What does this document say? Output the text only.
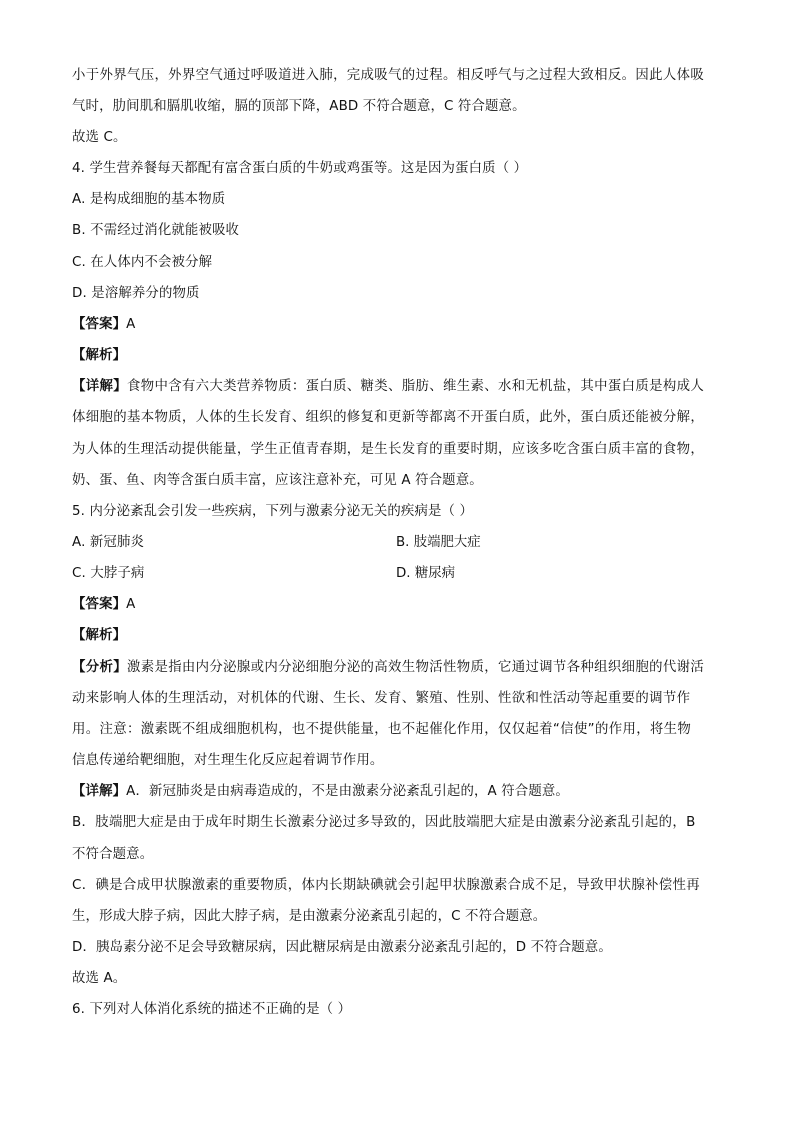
小于外界气压，外界空气通过呼吸道进入肺，完成吸气的过程。相反呼气与之过程大致相反。因此人体吸
气时，肋间肌和膈肌收缩，膈的顶部下降，ABD 不符合题意，C 符合题意。
故选 C。
4. 学生营养餐每天都配有富含蛋白质的牛奶或鸡蛋等。这是因为蛋白质（ ）
A. 是构成细胞的基本物质
B. 不需经过消化就能被吸收
C. 在人体内不会被分解
D. 是溶解养分的物质
【答案】A
【解析】
【详解】食物中含有六大类营养物质：蛋白质、糖类、脂肪、维生素、水和无机盐，其中蛋白质是构成人
体细胞的基本物质，人体的生长发育、组织的修复和更新等都离不开蛋白质，此外，蛋白质还能被分解，
为人体的生理活动提供能量，学生正值青春期，是生长发育的重要时期，应该多吃含蛋白质丰富的食物，
奶、蛋、鱼、肉等含蛋白质丰富，应该注意补充，可见 A 符合题意。
5. 内分泌紊乱会引发一些疾病，下列与激素分泌无关的疾病是（ ）
A. 新冠肺炎	B. 肢端肥大症
C. 大脖子病	D. 糖尿病
【答案】A
【解析】
【分析】激素是指由内分泌腺或内分泌细胞分泌的高效生物活性物质，它通过调节各种组织细胞的代谢活
动来影响人体的生理活动，对机体的代谢、生长、发育、繁殖、性别、性欲和性活动等起重要的调节作
用。注意：激素既不组成细胞机构，也不提供能量，也不起催化作用，仅仅起着“信使”的作用，将生物
信息传递给靶细胞，对生理生化反应起着调节作用。
【详解】A．新冠肺炎是由病毒造成的，不是由激素分泌紊乱引起的，A 符合题意。
B．肢端肥大症是由于成年时期生长激素分泌过多导致的，因此肢端肥大症是由激素分泌紊乱引起的，B
不符合题意。
C．碘是合成甲状腺激素的重要物质，体内长期缺碘就会引起甲状腺激素合成不足，导致甲状腺补偿性再
生，形成大脖子病，因此大脖子病，是由激素分泌紊乱引起的，C 不符合题意。
D．胰岛素分泌不足会导致糖尿病，因此糖尿病是由激素分泌紊乱引起的，D 不符合题意。
故选 A。
6. 下列对人体消化系统的描述不正确的是（ ）
